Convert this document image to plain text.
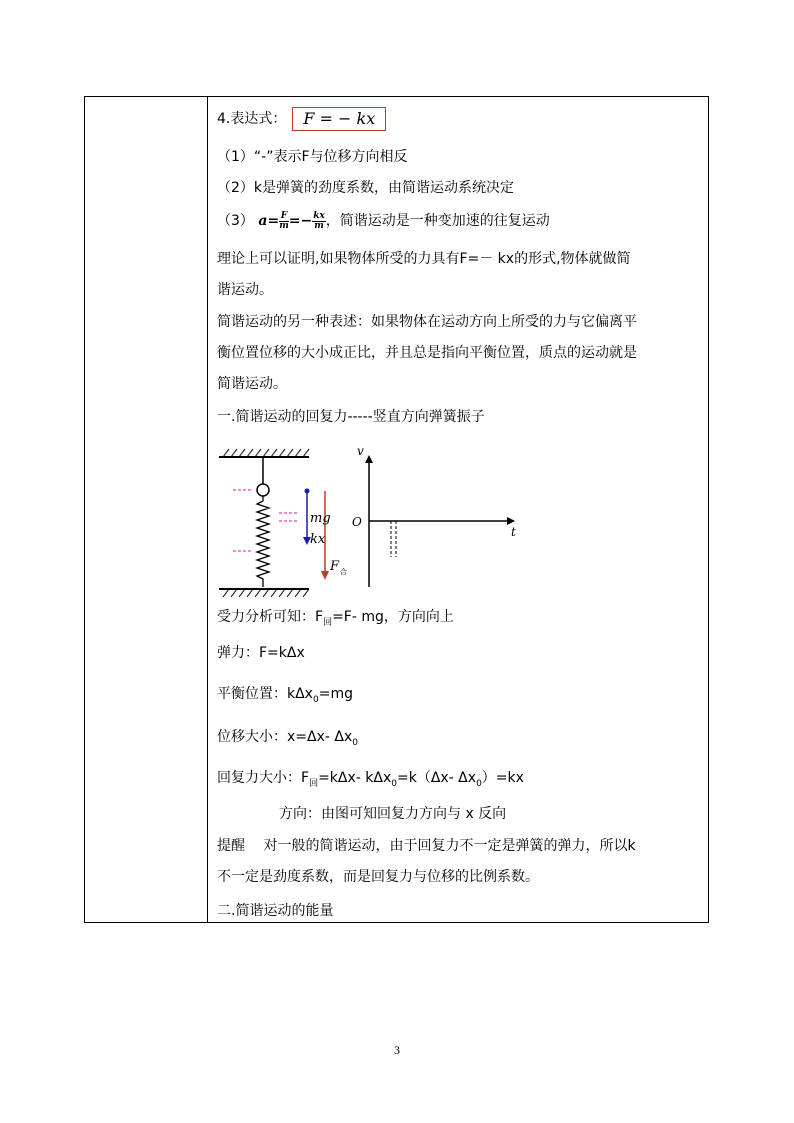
4.表达式： F = − kx
（1）“-”表示F与位移方向相反
（2）k是弹簧的劲度系数，由简谐运动系统决定
（3） $a= \frac{F}{m} =- \frac{kx}{m}$ ，简谐运动是一种变加速的往复运动
理论上可以证明,如果物体所受的力具有F=－ kx的形式,物体就做简
谐运动。
简谐运动的另一种表述：如果物体在运动方向上所受的力与它偏离平
衡位置位移的大小成正比，并且总是指向平衡位置，质点的运动就是
简谐运动。
一.简谐运动的回复力-----竖直方向弹簧振子
mg
kx
F 合
v
t
O
受力分析可知：$F_回=F-$ mg，方向向上
弹力：F=kΔx
平衡位置：kΔx$_0$=mg
位移大小：x=Δx- $\Delta x_0$
回复力大小：$F_回=k\Delta x-$ kΔx$_0$=k（Δx- $\Delta x_0)=kx$
方向：由图可知回复力方向与 x 反向
提醒　 对一般的简谐运动，由于回复力不一定是弹簧的弹力，所以k
不一定是劲度系数，而是回复力与位移的比例系数。
二.简谐运动的能量
3
